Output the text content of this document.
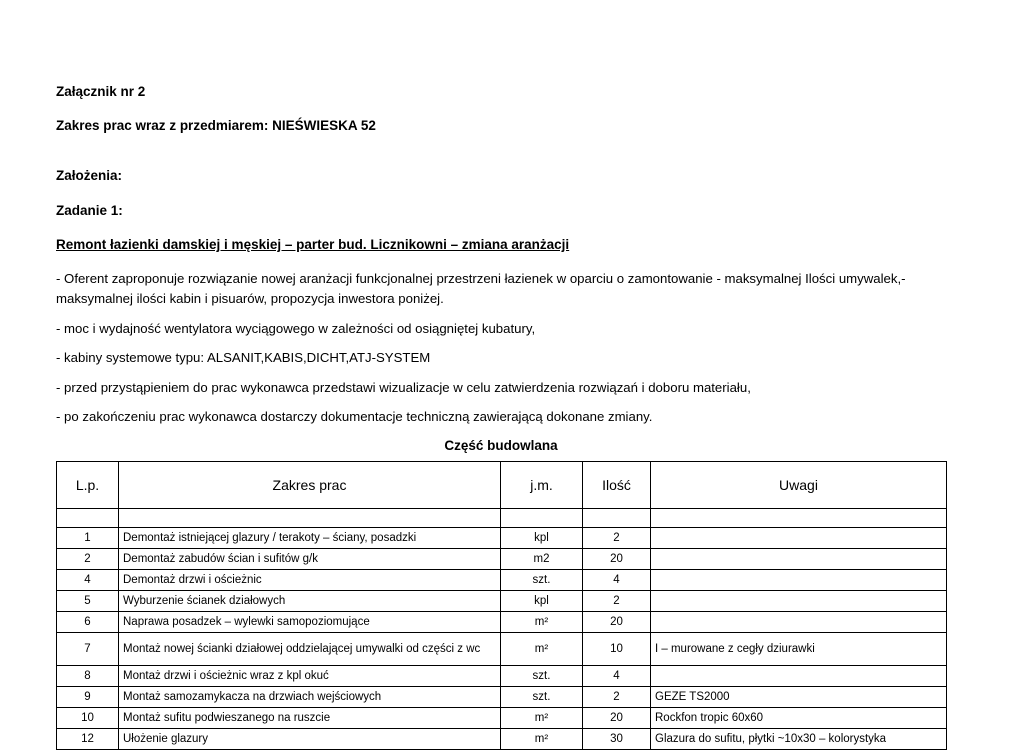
Załącznik nr 2
Zakres prac wraz z przedmiarem: NIEŚWIESKA 52
Założenia:
Zadanie 1:
Remont łazienki damskiej i męskiej – parter bud. Licznikowni – zmiana aranżacji
- Oferent zaproponuje rozwiązanie nowej aranżacji funkcjonalnej przestrzeni łazienek w oparciu o zamontowanie - maksymalnej Ilości umywalek,- maksymalnej ilości kabin i pisuarów, propozycja inwestora poniżej.
- moc i wydajność wentylatora wyciągowego w zależności od osiągniętej kubatury,
- kabiny systemowe typu: ALSANIT,KABIS,DICHT,ATJ-SYSTEM
- przed przystąpieniem do prac wykonawca przedstawi wizualizacje w celu zatwierdzenia rozwiązań i doboru materiału,
- po zakończeniu prac wykonawca dostarczy dokumentacje techniczną zawierającą dokonane zmiany.
Część budowlana
L.p.	Zakres prac	j.m.	Ilość	Uwagi

1	Demontaż istniejącej glazury / terakoty – ściany, posadzki	kpl	2	
2	Demontaż zabudów ścian i sufitów g/k	m2	20	
4	Demontaż drzwi i ościeżnic	szt.	4	
5	Wyburzenie ścianek działowych	kpl	2	
6	Naprawa posadzek – wylewki samopoziomujące	m²	20	
7	Montaż nowej ścianki działowej oddzielającej umywalki od części z wc	m²	10	I – murowane z cegły dziurawki
8	Montaż drzwi i ościeżnic wraz z kpl okuć	szt.	4	
9	Montaż samozamykacza na drzwiach wejściowych	szt.	2	GEZE TS2000
10	Montaż sufitu podwieszanego na ruszcie	m²	20	Rockfon tropic 60x60
12	Ułożenie glazury	m²	30	Glazura do sufitu, płytki ~10x30 – kolorystyka
